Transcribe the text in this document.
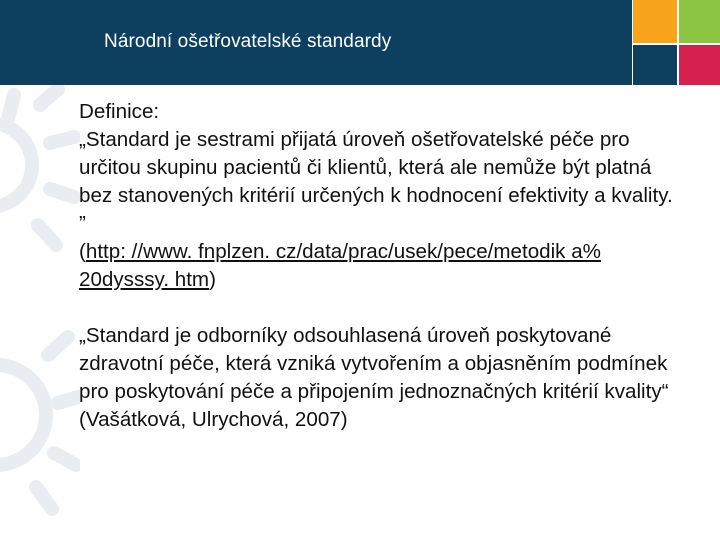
Národní ošetřovatelské standardy

Definice:

„Standard je sestrami přijatá úroveň ošetřovatelské péče pro určitou skupinu pacientů či klientů, která ale nemůže být platná bez stanovených kritérií určených k hodnocení efektivity a kvality. ”
(http: //www. fnplzen. cz/data/prac/usek/pece/metodik a% 20dysssy. htm)

„Standard je odborníky odsouhlasená úroveň poskytované zdravotní péče, která vzniká vytvořením a objasněním podmínek pro poskytování péče a připojením jednoznačných kritérií kvality“ (Vašátková, Ulrychová, 2007)
